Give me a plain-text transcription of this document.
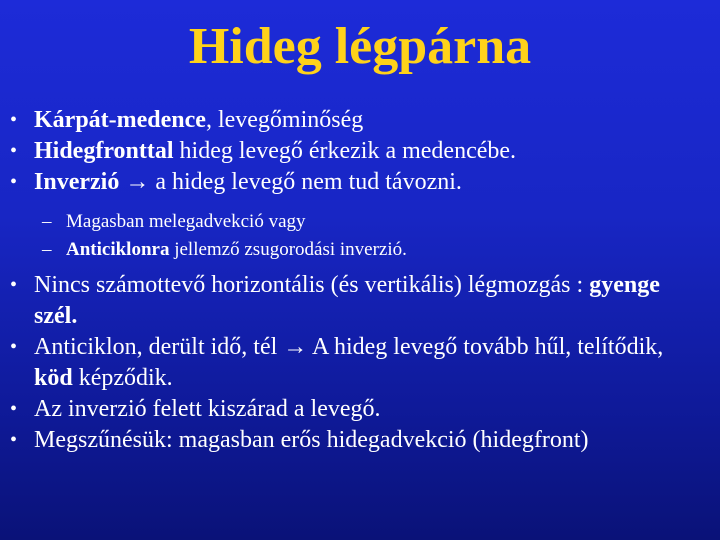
Hideg légpárna
• Kárpát-medence, levegőminőség
• Hidegfronttal hideg levegő érkezik a medencébe.
• Inverzió → a hideg levegő nem tud távozni.
– Magasban melegadvekció vagy
– Anticiklonra jellemző zsugorodási inverzió.
• Nincs számottevő horizontális (és vertikális) légmozgás : gyenge szél.
• Anticiklon, derült idő, tél → A hideg levegő tovább hűl, telítődik, köd képződik.
• Az inverzió felett kiszárad a levegő.
• Megszűnésük: magasban erős hidegadvekció (hidegfront)
